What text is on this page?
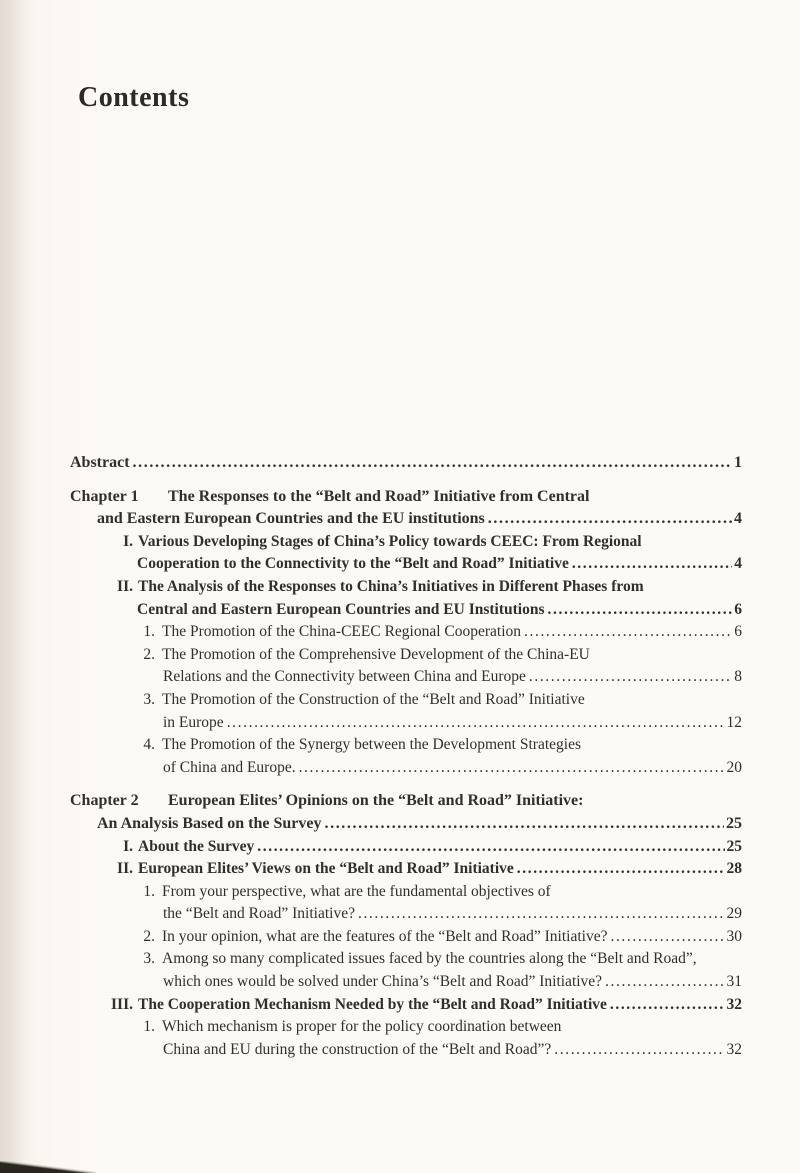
Contents
Abstract .....	1
Chapter 1	The Responses to the “Belt and Road” Initiative from Central
and Eastern European Countries and the EU institutions .....	4
I. Various Developing Stages of China’s Policy towards CEEC: From Regional
Cooperation to the Connectivity to the “Belt and Road” Initiative .....	4
II. The Analysis of the Responses to China’s Initiatives in Different Phases from
Central and Eastern European Countries and EU Institutions .....	6
1. The Promotion of the China-CEEC Regional Cooperation .....	6
2. The Promotion of the Comprehensive Development of the China-EU
Relations and the Connectivity between China and Europe .....	8
3. The Promotion of the Construction of the “Belt and Road” Initiative
in Europe .....	12
4. The Promotion of the Synergy between the Development Strategies
of China and Europe. .....	20
Chapter 2	European Elites’ Opinions on the “Belt and Road” Initiative:
An Analysis Based on the Survey .....	25
I. About the Survey .....	25
II. European Elites’ Views on the “Belt and Road” Initiative .....	28
1. From your perspective, what are the fundamental objectives of
the “Belt and Road” Initiative? .....	29
2. In your opinion, what are the features of the “Belt and Road” Initiative? .....	30
3. Among so many complicated issues faced by the countries along the “Belt and Road”,
which ones would be solved under China’s “Belt and Road” Initiative? .....	31
III. The Cooperation Mechanism Needed by the “Belt and Road” Initiative .....	32
1. Which mechanism is proper for the policy coordination between
China and EU during the construction of the “Belt and Road”? .....	32
